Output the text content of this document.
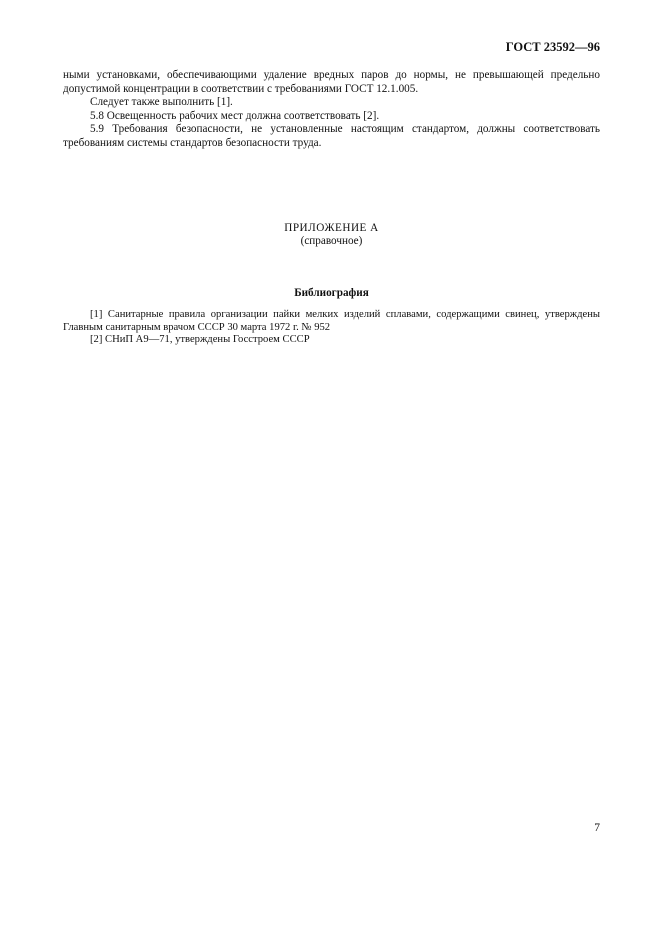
ГОСТ 23592—96

ными установками, обеспечивающими удаление вредных паров до нормы, не превышающей предельно допустимой концентрации в соответствии с требованиями ГОСТ 12.1.005.

Следует также выполнить [1].

5.8 Освещенность рабочих мест должна соответствовать [2].

5.9 Требования безопасности, не установленные настоящим стандартом, должны соответствовать требованиям системы стандартов безопасности труда.

ПРИЛОЖЕНИЕ А
(справочное)
Библиография

[1] Санитарные правила организации пайки мелких изделий сплавами, содержащими свинец, утверждены Главным санитарным врачом СССР 30 марта 1972 г. № 952

[2] СНиП А9—71, утверждены Госстроем СССР

7
